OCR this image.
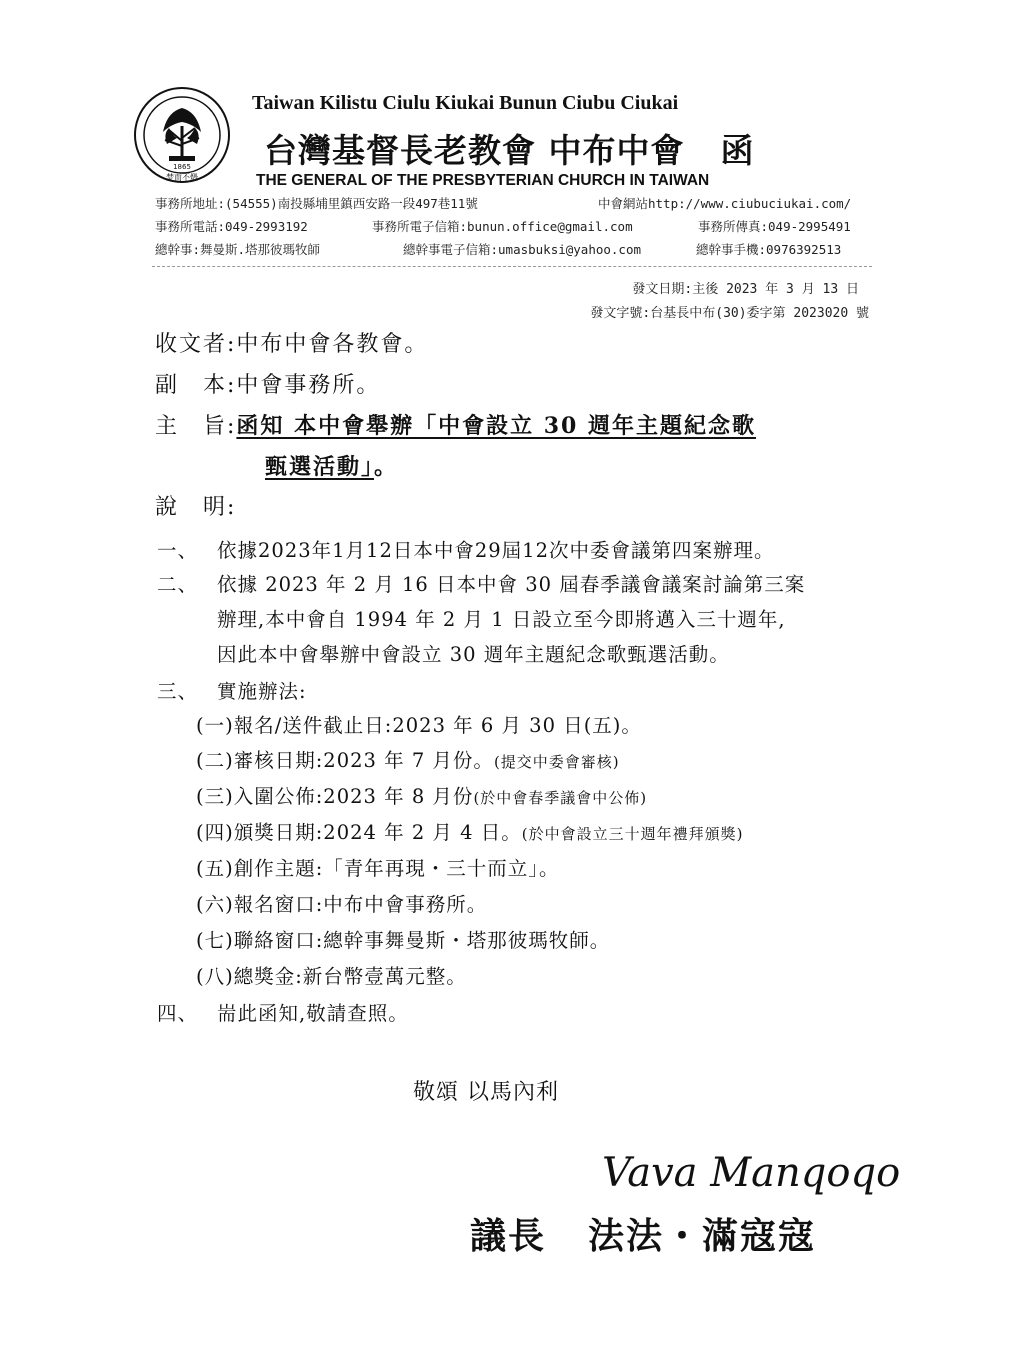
1865
焚而不燬
Taiwan Kilistu Ciulu Kiukai Bunun Ciubu Ciukai
台灣基督長老教會 中布中會 函
THE GENERAL OF THE PRESBYTERIAN CHURCH IN TAIWAN
事務所地址:(54555)南投縣埔里鎮西安路一段497巷11號	中會網站http://www.ciubuciukai.com/
事務所電話:049-2993192	事務所電子信箱:bunun.office@gmail.com	事務所傳真:049-2995491
總幹事:舞曼斯.塔那彼瑪牧師	總幹事電子信箱:umasbuksi@yahoo.com	總幹事手機:0976392513
發文日期:主後 2023 年 3 月 13 日
發文字號:台基長中布(30)委字第 2023020 號
收文者:中布中會各教會。
副　本:中會事務所。
主　旨:函知 本中會舉辦「中會設立 30 週年主題紀念歌
甄選活動」。
說　明:
一、 依據2023年1月12日本中會29屆12次中委會議第四案辦理。
二、 依據 2023 年 2 月 16 日本中會 30 屆春季議會議案討論第三案
辦理,本中會自 1994 年 2 月 1 日設立至今即將邁入三十週年,
因此本中會舉辦中會設立 30 週年主題紀念歌甄選活動。
三、 實施辦法:
(一)報名/送件截止日:2023 年 6 月 30 日(五)。
(二)審核日期:2023 年 7 月份。(提交中委會審核)
(三)入圍公佈:2023 年 8 月份(於中會春季議會中公佈)
(四)頒獎日期:2024 年 2 月 4 日。(於中會設立三十週年禮拜頒獎)
(五)創作主題:「青年再現・三十而立」。
(六)報名窗口:中布中會事務所。
(七)聯絡窗口:總幹事舞曼斯・塔那彼瑪牧師。
(八)總獎金:新台幣壹萬元整。
四、 耑此函知,敬請查照。
敬頌 以馬內利
Vava Manqoqo
議長 法法・滿寇寇
